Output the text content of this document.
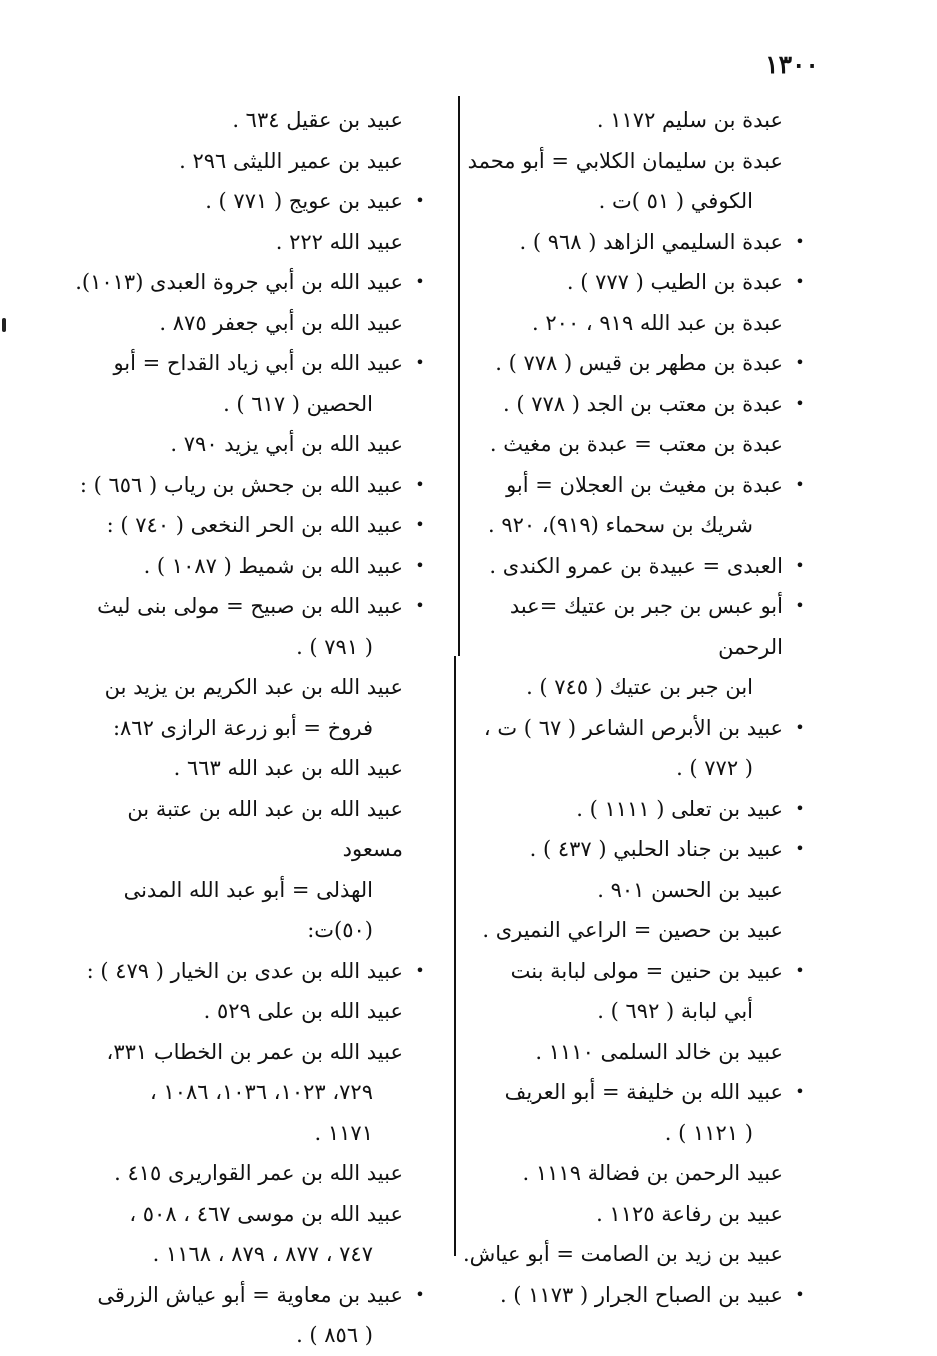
١٣٠٠
عبدة بن سليم ١١٧٢ .
عبدة بن سليمان الكلابي = أبو محمد
الكوفي ( ٥١ )ت .
•
عبدة السليمي الزاهد ( ٩٦٨ ) .
•
عبدة بن الطيب ( ٧٧٧ ) .
عبدة بن عبد الله ٩١٩ ، ٢٠٠ .
•
عبدة بن مطهر بن قيس ( ٧٧٨ ) .
•
عبدة بن معتب بن الجد ( ٧٧٨ ) .
عبدة بن معتب = عبدة بن مغيث .
•
عبدة بن مغيث بن العجلان = أبو
شريك بن سحماء (٩١٩)، ٩٢٠ .
•
العبدى = عبيدة بن عمرو الكندى .
•
أبو عبس بن جبر بن عتيك =عبد الرحمن
ابن جبر بن عتيك ( ٧٤٥ ) .
•
عبيد بن الأبرص الشاعر ( ٦٧ ) ت ،
( ٧٧٢ ) .
•
عبيد بن تعلى ( ١١١١ ) .
•
عبيد بن جناد الحلبي ( ٤٣٧ ) .
عبيد بن الحسن ٩٠١ .
عبيد بن حصين = الراعي النميرى .
•
عبيد بن حنين = مولى لبابة بنت
أبي لبابة ( ٦٩٢ ) .
عبيد بن خالد السلمى ١١١٠ .
•
عبيد الله بن خليفة = أبو العريف
( ١١٢١ ) .
عبيد الرحمن بن فضالة ١١١٩ .
عبيد بن رفاعة ١١٢٥ .
عبيد بن زيد بن الصامت = أبو عياش.
•
عبيد بن الصباح الجرار ( ١١٧٣ ) .
عبيد بن عقيل ٦٣٤ .
عبيد بن عمير الليثى ٢٩٦ .
•
عبيد بن عويج ( ٧٧١ ) .
عبيد الله ٢٢٢ .
•
عبيد الله بن أبي جروة العبدى (١٠١٣).
عبيد الله بن أبي جعفر ٨٧٥ .
•
عبيد الله بن أبي زياد القداح = أبو
الحصين ( ٦١٧ ) .
عبيد الله بن أبي يزيد ٧٩٠ .
•
عبيد الله بن جحش بن رياب ( ٦٥٦ ) :
•
عبيد الله بن الحر النخعى ( ٧٤٠ ) :
•
عبيد الله بن شميط ( ١٠٨٧ ) .
•
عبيد الله بن صبيح = مولى بنى ليث
( ٧٩١ ) .
عبيد الله بن عبد الكريم بن يزيد بن
فروخ = أبو زرعة الرازى ٨٦٢:
عبيد الله بن عبد الله ٦٦٣ .
عبيد الله بن عبد الله بن عتبة بن مسعود
الهذلى = أبو عبد الله المدنى (٥٠)ت:
•
عبيد الله بن عدى بن الخيار ( ٤٧٩ ) :
عبيد الله بن على ٥٢٩ .
عبيد الله بن عمر بن الخطاب ٣٣١،
٧٢٩، ١٠٢٣، ١٠٣٦، ١٠٨٦ ،
١١٧١ .
عبيد الله بن عمر القواريرى ٤١٥ .
عبيد الله بن موسى ٤٦٧ ، ٥٠٨ ،
٧٤٧ ، ٨٧٧ ، ٨٧٩ ، ١١٦٨ .
•
عبيد بن معاوية = أبو عياش الزرقى
( ٨٥٦ ) .
